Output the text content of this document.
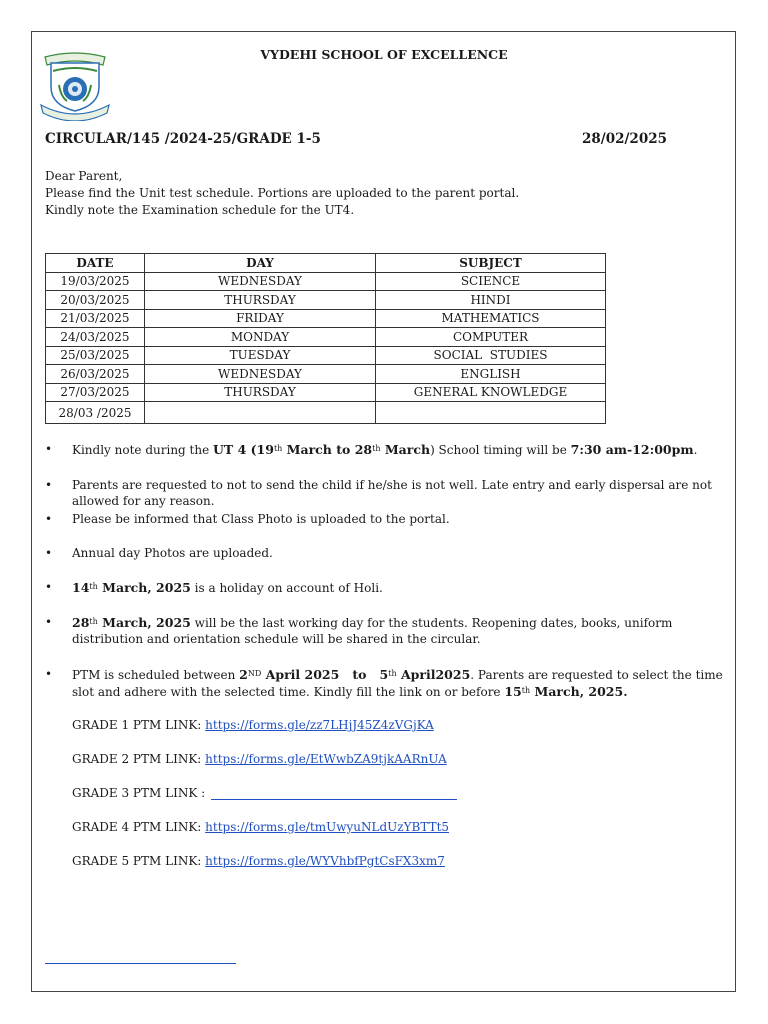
VYDEHI SCHOOL OF EXCELLENCE
CIRCULAR/145 /2024-25/GRADE 1-5	28/02/2025
Dear Parent,
Please find the Unit test schedule. Portions are uploaded to the parent portal.
Kindly note the Examination schedule for the UT4.
DATE	DAY	SUBJECT
19/03/2025	WEDNESDAY	SCIENCE
20/03/2025	THURSDAY	HINDI
21/03/2025	FRIDAY	MATHEMATICS
24/03/2025	MONDAY	COMPUTER
25/03/2025	TUESDAY	SOCIAL  STUDIES
26/03/2025	WEDNESDAY	ENGLISH
27/03/2025	THURSDAY	GENERAL KNOWLEDGE
28/03 /2025		
•	Kindly note during the UT 4 (19th March to 28th March) School timing will be 7:30 am-12:00pm.
•	Parents are requested to not to send the child if he/she is not well. Late entry and early dispersal are not allowed for any reason.
•	Please be informed that Class Photo is uploaded to the portal.
•	Annual day Photos are uploaded.
•	14th March, 2025 is a holiday on account of Holi.
•	28th March, 2025 will be the last working day for the students. Reopening dates, books, uniform distribution and orientation schedule will be shared in the circular.
•	PTM is scheduled between 2ND April 2025   to   5th April2025. Parents are requested to select the time slot and adhere with the selected time. Kindly fill the link on or before 15th March, 2025.
GRADE 1 PTM LINK: https://forms.gle/zz7LHjJ45Z4zVGjKA
GRADE 2 PTM LINK: https://forms.gle/EtWwbZA9tjkAARnUA
GRADE 3 PTM LINK :
GRADE 4 PTM LINK: https://forms.gle/tmUwyuNLdUzYBTTt5
GRADE 5 PTM LINK: https://forms.gle/WYVhbfPgtCsFX3xm7
